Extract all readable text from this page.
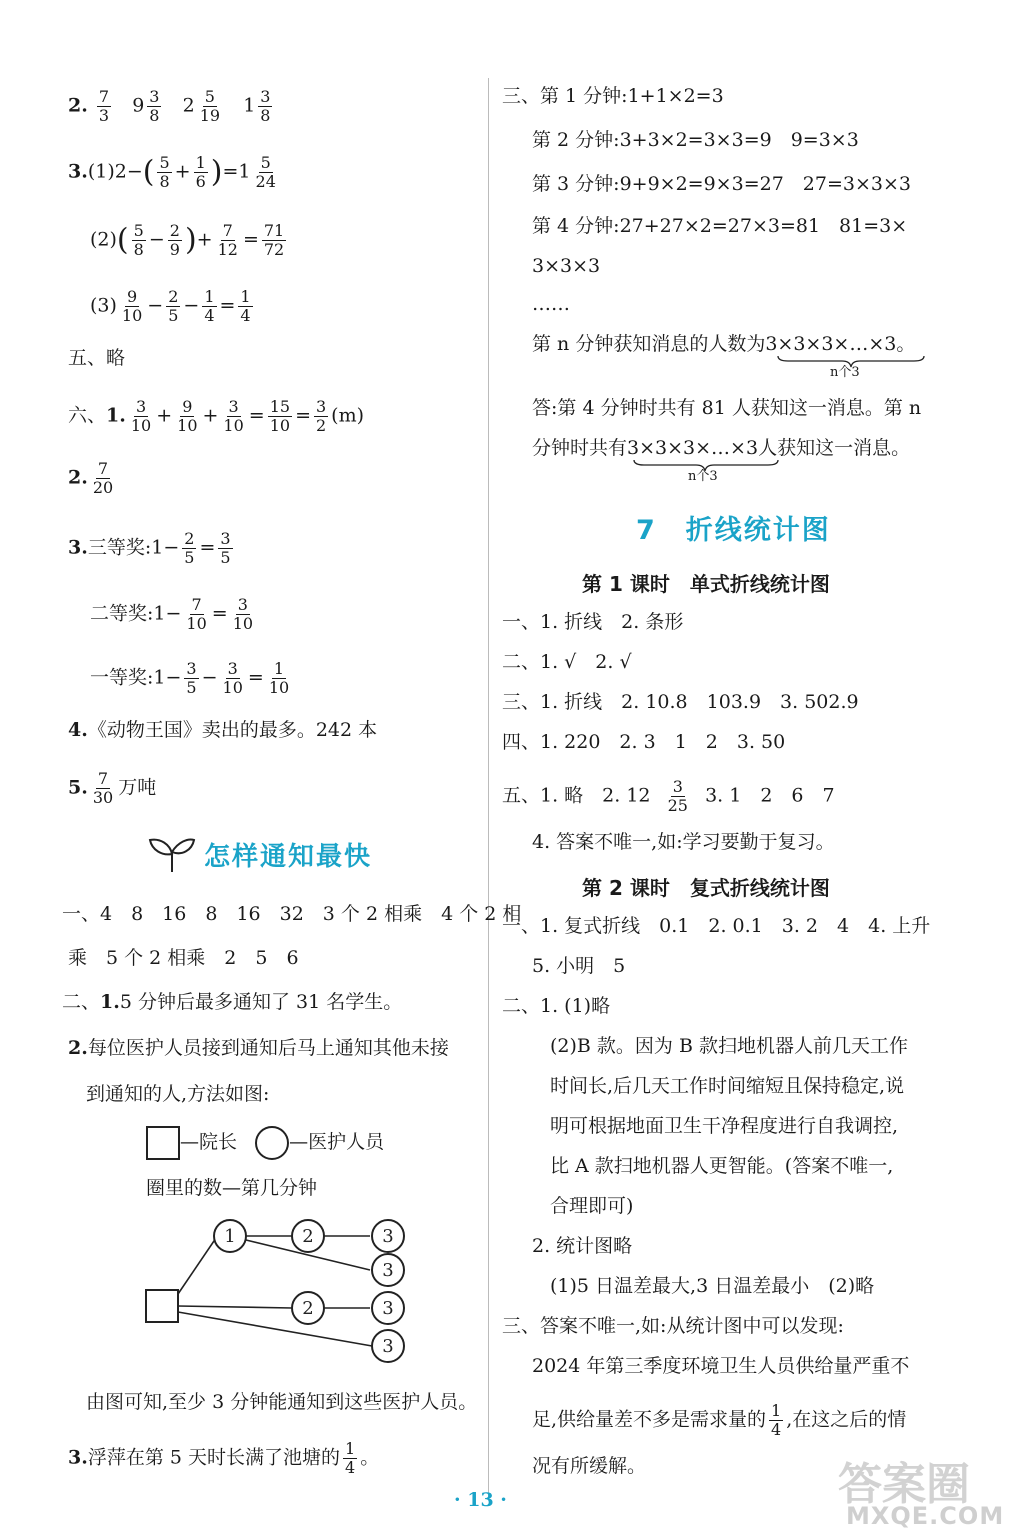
2. $\frac{7}{3} 9 \frac{3}{8} 2 \frac{5}{19} 1 \frac{3}{8}$
$3.(1)2-( \frac{5}{8} + \frac{1}{6} )=1 \frac{5}{24}$
$(2)( \frac{5}{8} - \frac{2}{9}$ )+ $\frac{7}{12} = \frac{71}{72}$
$(3) \frac{9}{10} - \frac{2}{5} - \frac{1}{4} = \frac{1}{4}$
五、略
六、1. $\frac{3}{10} + \frac{9}{10} + \frac{3}{10} = \frac{15}{10} = \frac{3}{2} (m)$
2. $\frac{7}{20}$
3.三等奖:1− $\frac{2}{5} = \frac{3}{5}$
二等奖:1− $\frac{7}{10} = \frac{3}{10}$
一等奖:1− $\frac{3}{5} - \frac{3}{10} = \frac{1}{10}$
4.《动物王国》卖出的最多。242 本
5. $\frac{7}{30}$ 万吨
怎样通知最快
一、4　8　16　8　16　32　3 个 2 相乘　4 个 2 相
乘　5 个 2 相乘　2　5　6
二、1.5 分钟后最多通知了 31 名学生。
2.每位医护人员接到通知后马上通知其他未接
到通知的人,方法如图:
—院长	—医护人员
圈里的数—第几分钟
1	2	3
3
2	3
3
由图可知,至少 3 分钟能通知到这些医护人员。
3.浮萍在第 5 天时长满了池塘的 $\frac{1}{4}$ 。
三、第 1 分钟:1+1×2=3
第 2 分钟:3+3×2=3×3=9　9=3×3
第 3 分钟:9+9×2=9×3=27　27=3×3×3
第 4 分钟:27+27×2=27×3=81　81=3×
3×3×3
……
第 n 分钟获知消息的人数为3×3×3×…×3。
n个3
答:第 4 分钟时共有 81 人获知这一消息。第 n
分钟时共有3×3×3×…×3人获知这一消息。
n个3
7　折线统计图
第 1 课时　单式折线统计图
一、1. 折线　2. 条形
二、1. √　2. √
三、1. 折线　2. 10.8　103.9　3. 502.9
四、1. 220　2. 3　1　2　3. 50
五、1. 略　2. $12 \frac{3}{25} 3$. 1　2　6　7
4. 答案不唯一,如:学习要勤于复习。
第 2 课时　复式折线统计图
一、1. 复式折线　0.1　2. 0.1　3. 2　4　4. 上升
5. 小明　5
二、1. (1)略
(2)B 款。因为 B 款扫地机器人前几天工作
时间长,后几天工作时间缩短且保持稳定,说
明可根据地面卫生干净程度进行自我调控,
比 A 款扫地机器人更智能。(答案不唯一,
合理即可)
2. 统计图略
(1)5 日温差最大,3 日温差最小　(2)略
三、答案不唯一,如:从统计图中可以发现:
2024 年第三季度环境卫生人员供给量严重不
足,供给量差不多是需求量的 $\frac{1}{4}$ ,在这之后的情
况有所缓解。
· 13 ·	答案圈
MXQE.COM
